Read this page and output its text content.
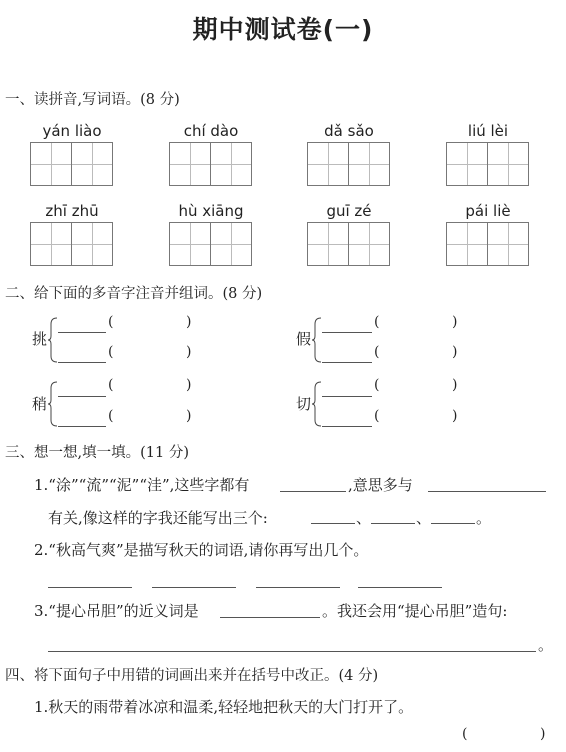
期中测试卷(一)
一、读拼音,写词语。(8 分)
yán liào	chí dào	dǎ sǎo	liú lèi
zhī zhū	hù xiāng	guī zé	pái liè
二、给下面的多音字注音并组词。(8 分)
挑
(	)
(	)
假
(	)
(	)
稍
(	)
(	)
切
(	)
(	)
三、想一想,填一填。(11 分)
1.“涂”“流”“泥”“洼”,这些字都有	,意思多与
有关,像这样的字我还能写出三个:	、	、	。
2.“秋高气爽”是描写秋天的词语,请你再写出几个。
3.“提心吊胆”的近义词是	。我还会用“提心吊胆”造句:
。
四、将下面句子中用错的词画出来并在括号中改正。(4 分)
1.秋天的雨带着冰凉和温柔,轻轻地把秋天的大门打开了。
(	)
